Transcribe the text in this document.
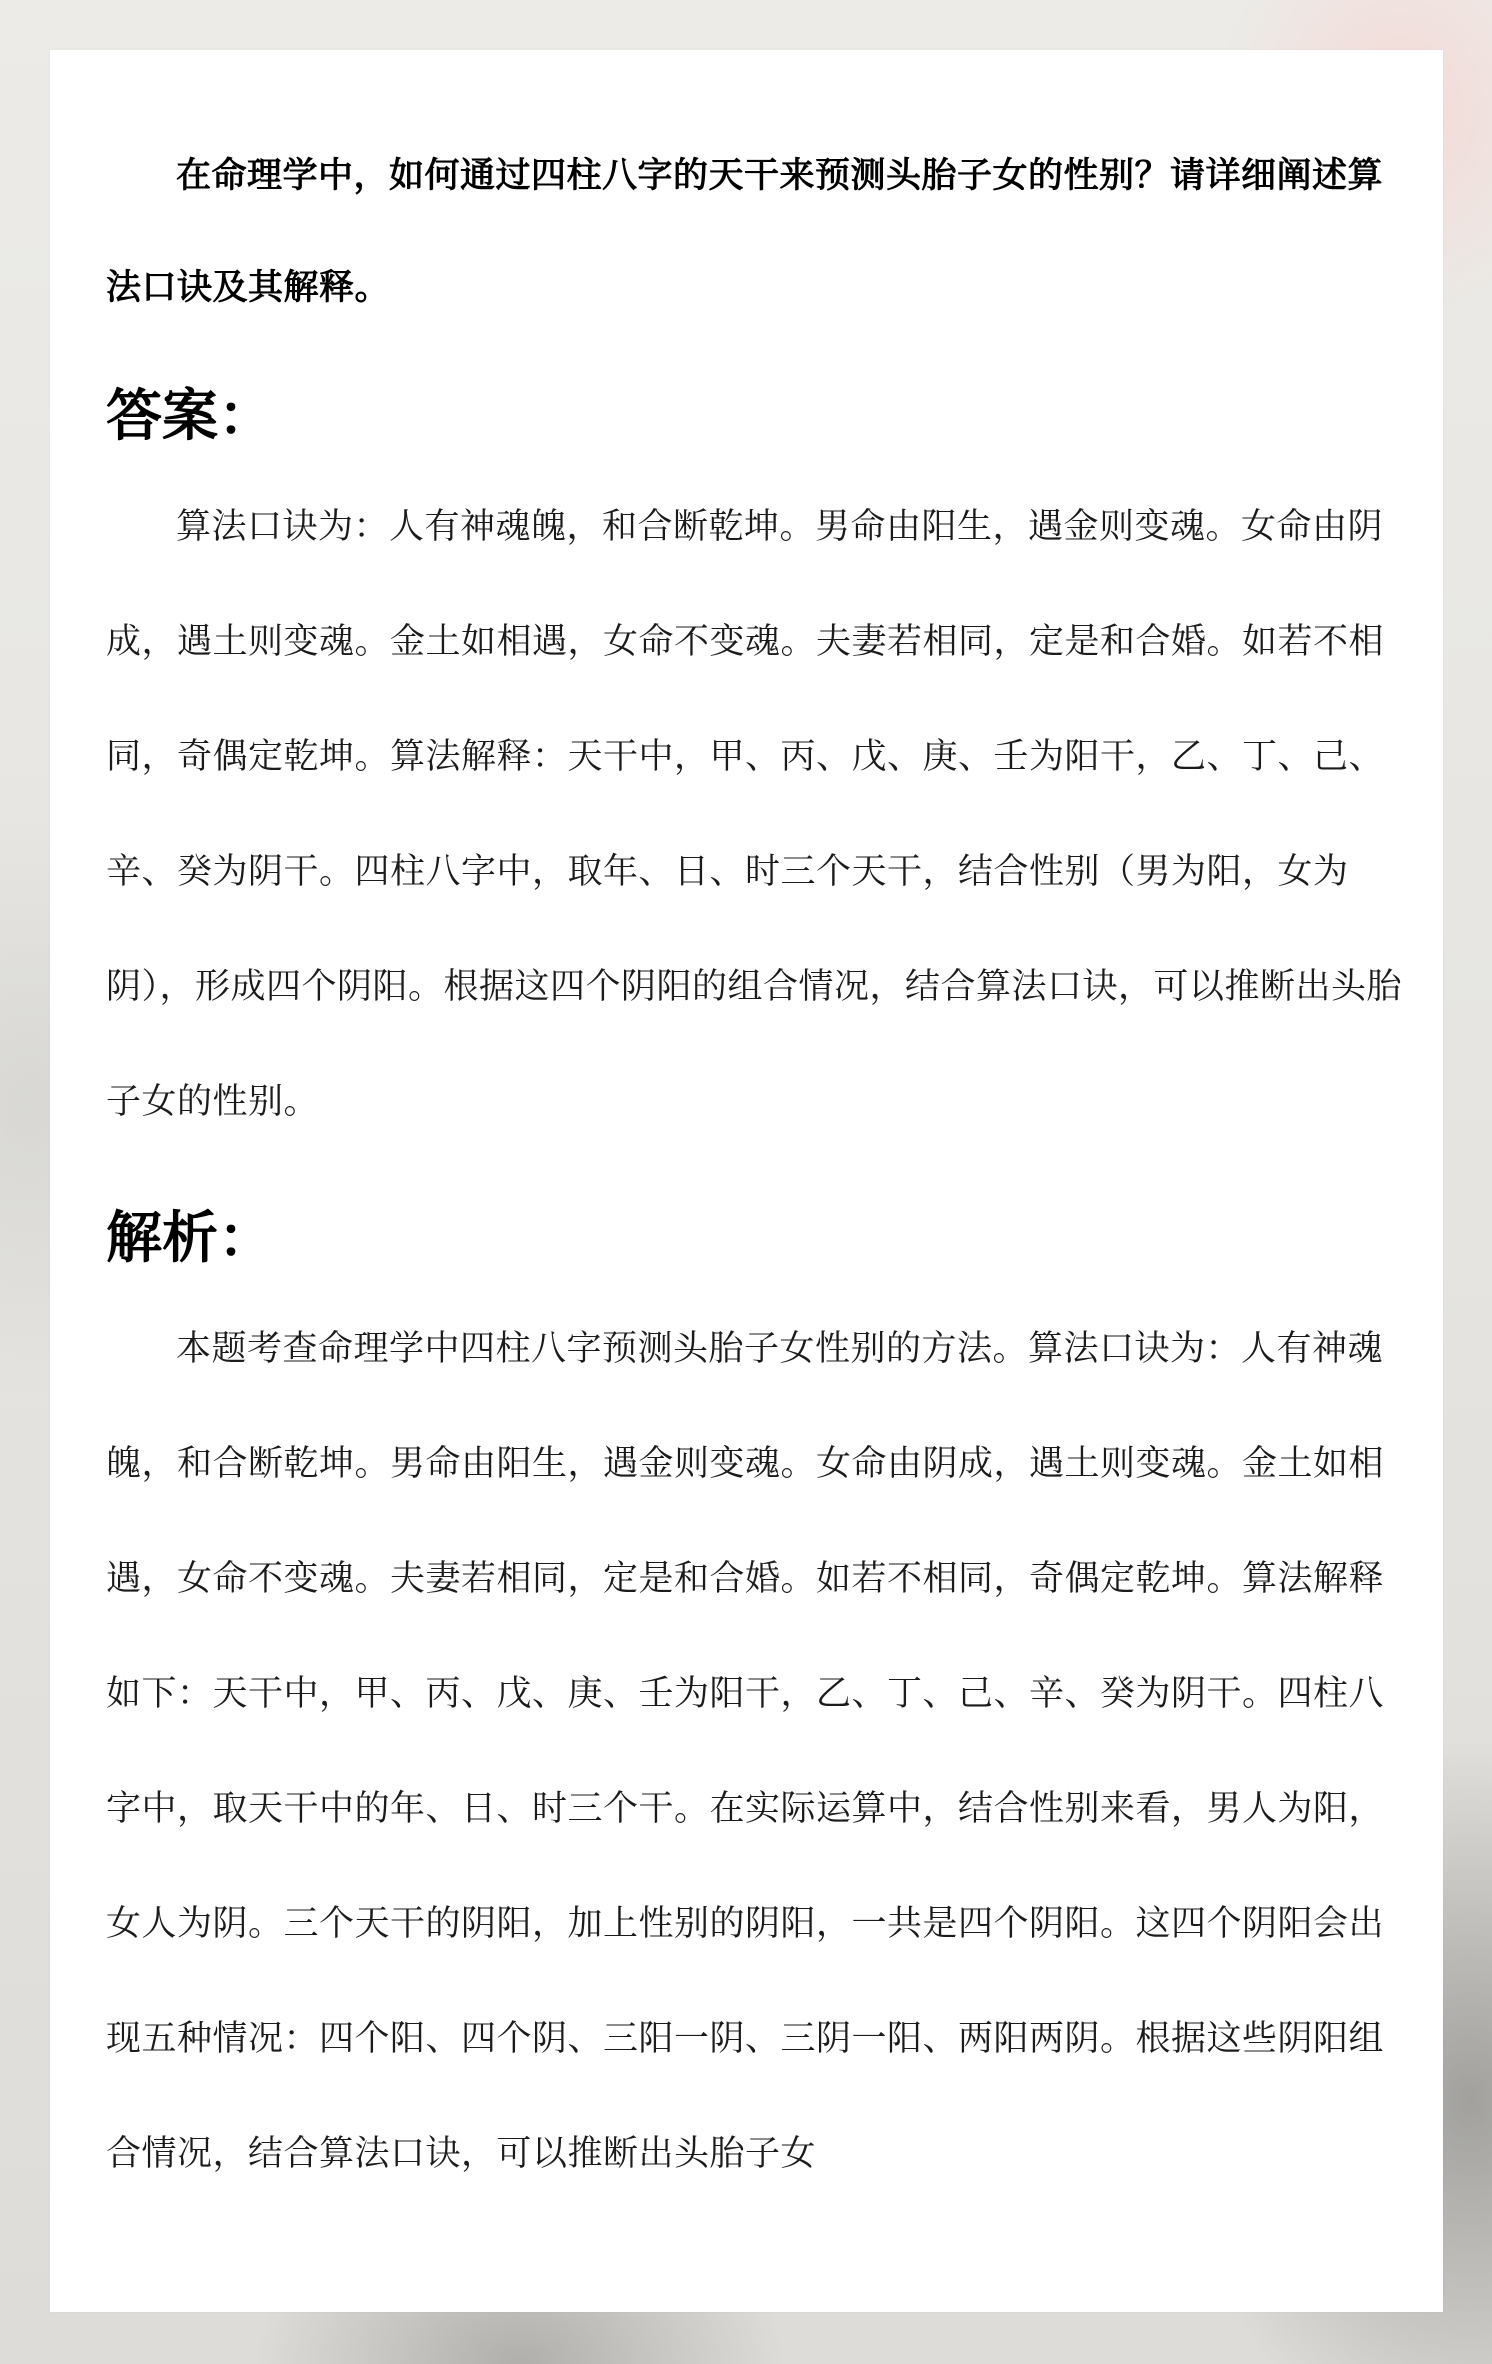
在命理学中，如何通过四柱八字的天干来预测头胎子女的性别？请详细阐述算法口诀及其解释。

答案：

算法口诀为：人有神魂魄，和合断乾坤。男命由阳生，遇金则变魂。女命由阴成，遇土则变魂。金土如相遇，女命不变魂。夫妻若相同，定是和合婚。如若不相同，奇偶定乾坤。算法解释：天干中，甲、丙、戊、庚、壬为阳干，乙、丁、己、辛、癸为阴干。四柱八字中，取年、日、时三个天干，结合性别（男为阳，女为阴），形成四个阴阳。根据这四个阴阳的组合情况，结合算法口诀，可以推断出头胎子女的性别。

解析：

本题考查命理学中四柱八字预测头胎子女性别的方法。算法口诀为：人有神魂魄，和合断乾坤。男命由阳生，遇金则变魂。女命由阴成，遇土则变魂。金土如相遇，女命不变魂。夫妻若相同，定是和合婚。如若不相同，奇偶定乾坤。算法解释如下：天干中，甲、丙、戊、庚、壬为阳干，乙、丁、己、辛、癸为阴干。四柱八字中，取天干中的年、日、时三个干。在实际运算中，结合性别来看，男人为阳，女人为阴。三个天干的阴阳，加上性别的阴阳，一共是四个阴阳。这四个阴阳会出现五种情况：四个阳、四个阴、三阳一阴、三阴一阳、两阳两阴。根据这些阴阳组合情况，结合算法口诀，可以推断出头胎子女
